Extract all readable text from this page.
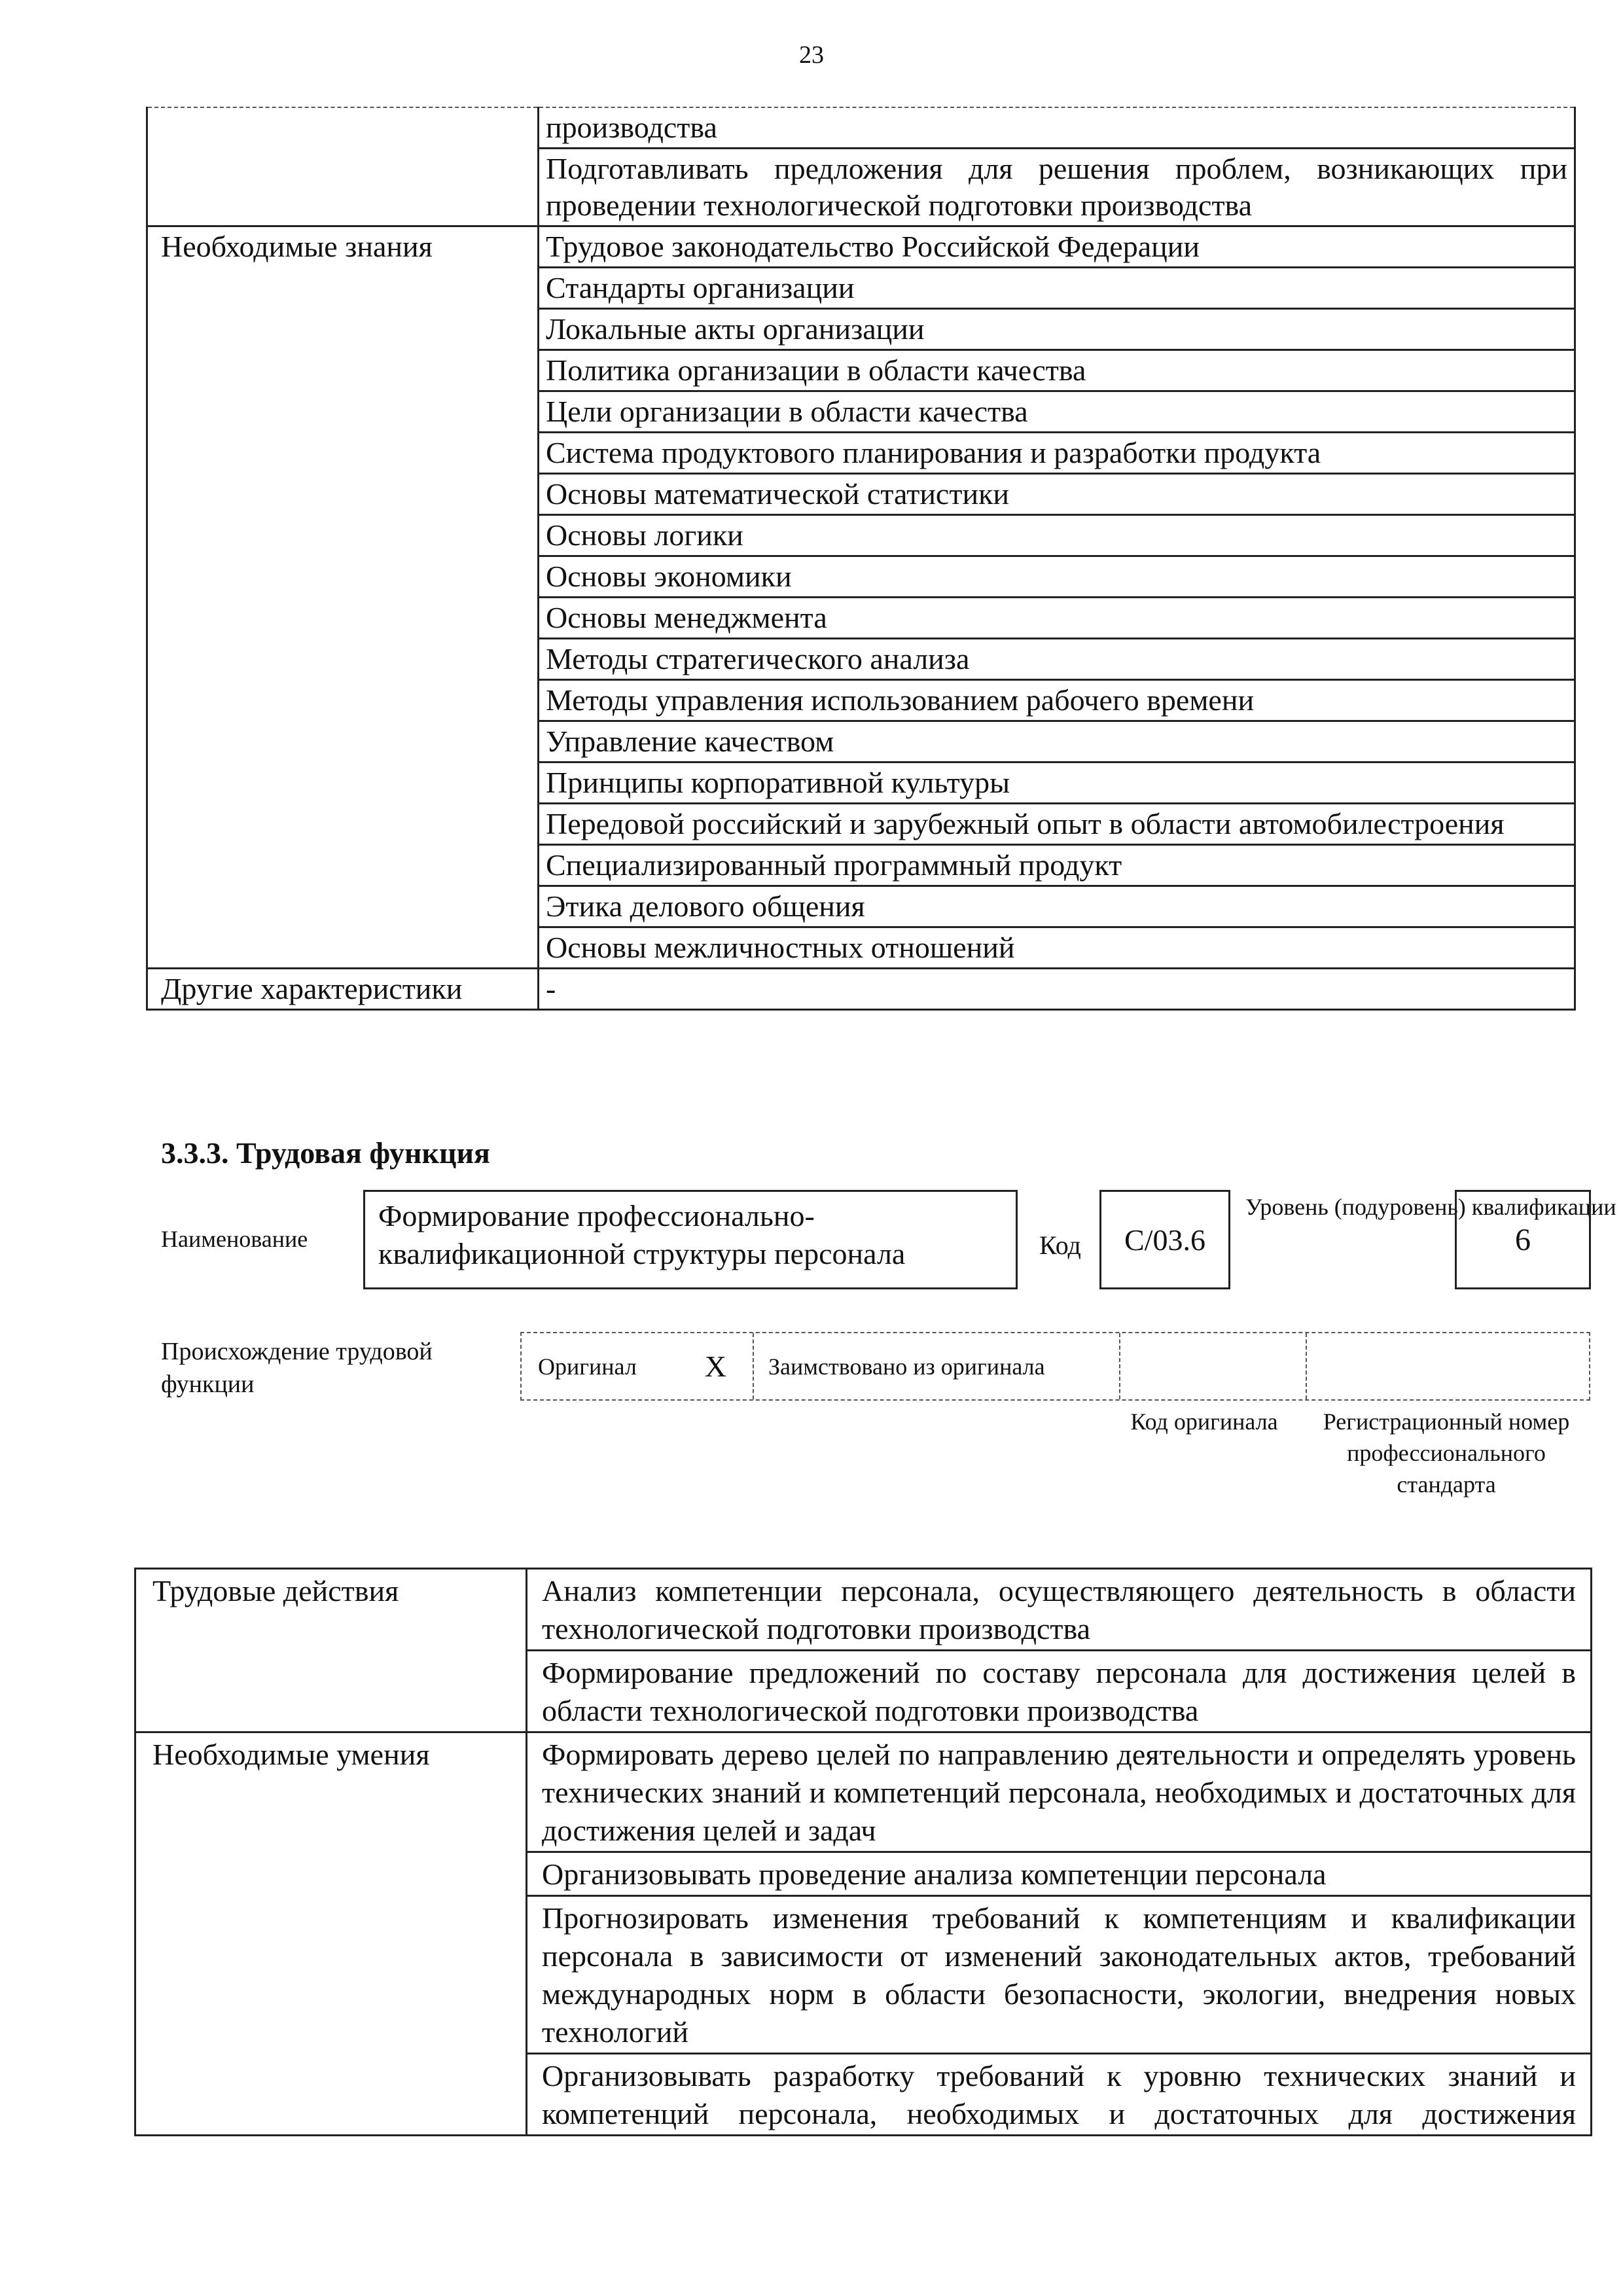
23
	производства
	Подготавливать предложения для решения проблем, возникающих при проведении технологической подготовки производства
Необходимые знания	Трудовое законодательство Российской Федерации
	Стандарты организации
	Локальные акты организации
	Политика организации в области качества
	Цели организации в области качества
	Система продуктового планирования и разработки продукта
	Основы математической статистики
	Основы логики
	Основы экономики
	Основы менеджмента
	Методы стратегического анализа
	Методы управления использованием рабочего времени
	Управление качеством
	Принципы корпоративной культуры
	Передовой российский и зарубежный опыт в области автомобилестроения
	Специализированный программный продукт
	Этика делового общения
	Основы межличностных отношений
Другие характеристики	-
3.3.3. Трудовая функция
Наименование
Формирование профессионально-квалификационной структуры персонала	Код	С/03.6
Уровень (подуровень) квалификации
6
Происхождение трудовой функции
Оригинал X Заимствовано из оригинала
Код оригинала	Регистрационный номер профессионального стандарта
Трудовые действия	Анализ компетенции персонала, осуществляющего деятельность в области технологической подготовки производства
	Формирование предложений по составу персонала для достижения целей в области технологической подготовки производства
Необходимые умения	Формировать дерево целей по направлению деятельности и определять уровень технических знаний и компетенций персонала, необходимых и достаточных для достижения целей и задач
	Организовывать проведение анализа компетенции персонала
	Прогнозировать изменения требований к компетенциям и квалификации персонала в зависимости от изменений законодательных актов, требований международных норм в области безопасности, экологии, внедрения новых технологий
	Организовывать разработку требований к уровню технических знаний и компетенций персонала, необходимых и достаточных для достижения
